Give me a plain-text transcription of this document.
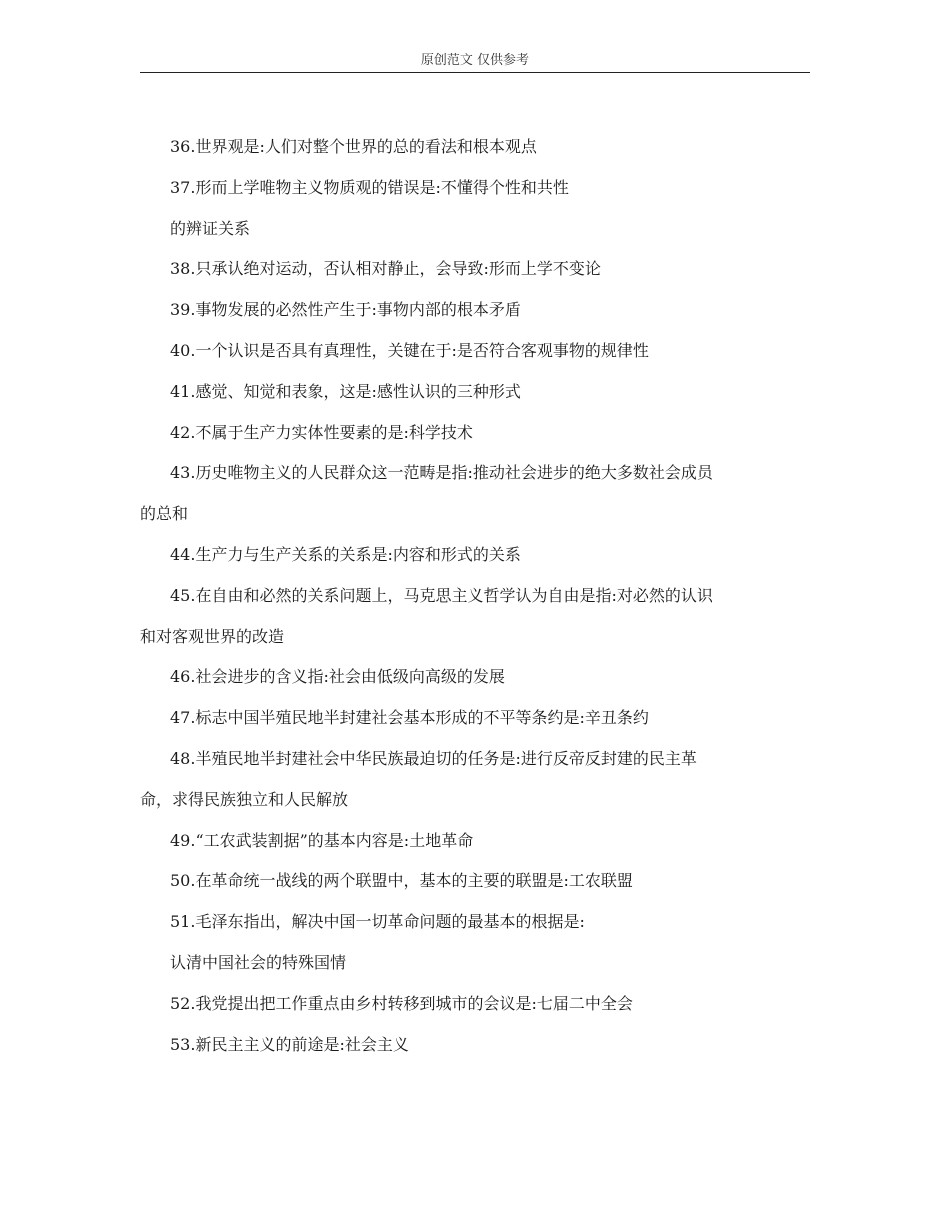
原创范文 仅供参考
36.世界观是:人们对整个世界的总的看法和根本观点
37.形而上学唯物主义物质观的错误是:不懂得个性和共性
的辨证关系
38.只承认绝对运动，否认相对静止，会导致:形而上学不变论
39.事物发展的必然性产生于:事物内部的根本矛盾
40.一个认识是否具有真理性，关键在于:是否符合客观事物的规律性
41.感觉、知觉和表象，这是:感性认识的三种形式
42.不属于生产力实体性要素的是:科学技术
43.历史唯物主义的人民群众这一范畴是指:推动社会进步的绝大多数社会成员
的总和
44.生产力与生产关系的关系是:内容和形式的关系
45.在自由和必然的关系问题上，马克思主义哲学认为自由是指:对必然的认识
和对客观世界的改造
46.社会进步的含义指:社会由低级向高级的发展
47.标志中国半殖民地半封建社会基本形成的不平等条约是:辛丑条约
48.半殖民地半封建社会中华民族最迫切的任务是:进行反帝反封建的民主革
命，求得民族独立和人民解放
49.“工农武装割据”的基本内容是:土地革命
50.在革命统一战线的两个联盟中，基本的主要的联盟是:工农联盟
51.毛泽东指出，解决中国一切革命问题的最基本的根据是:
认清中国社会的特殊国情
52.我党提出把工作重点由乡村转移到城市的会议是:七届二中全会
53.新民主主义的前途是:社会主义
